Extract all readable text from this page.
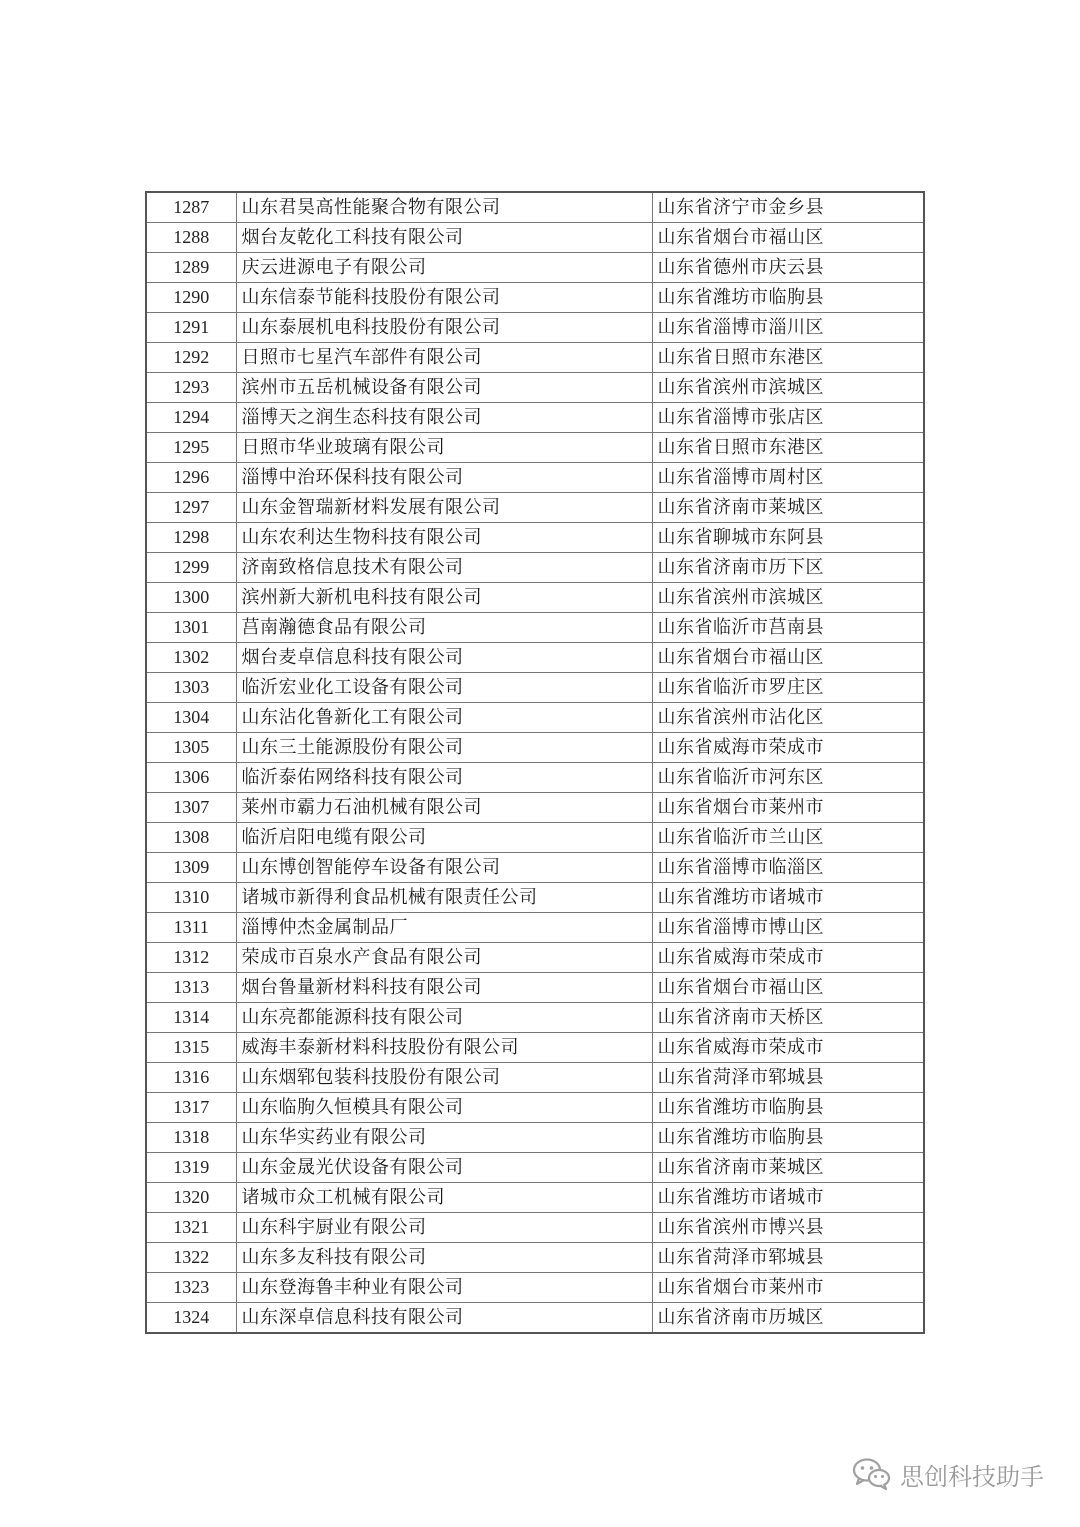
1287	山东君昊高性能聚合物有限公司	山东省济宁市金乡县
1288	烟台友乾化工科技有限公司	山东省烟台市福山区
1289	庆云进源电子有限公司	山东省德州市庆云县
1290	山东信泰节能科技股份有限公司	山东省潍坊市临朐县
1291	山东泰展机电科技股份有限公司	山东省淄博市淄川区
1292	日照市七星汽车部件有限公司	山东省日照市东港区
1293	滨州市五岳机械设备有限公司	山东省滨州市滨城区
1294	淄博天之润生态科技有限公司	山东省淄博市张店区
1295	日照市华业玻璃有限公司	山东省日照市东港区
1296	淄博中治环保科技有限公司	山东省淄博市周村区
1297	山东金智瑞新材料发展有限公司	山东省济南市莱城区
1298	山东农利达生物科技有限公司	山东省聊城市东阿县
1299	济南致格信息技术有限公司	山东省济南市历下区
1300	滨州新大新机电科技有限公司	山东省滨州市滨城区
1301	莒南瀚德食品有限公司	山东省临沂市莒南县
1302	烟台麦卓信息科技有限公司	山东省烟台市福山区
1303	临沂宏业化工设备有限公司	山东省临沂市罗庄区
1304	山东沾化鲁新化工有限公司	山东省滨州市沾化区
1305	山东三土能源股份有限公司	山东省威海市荣成市
1306	临沂泰佑网络科技有限公司	山东省临沂市河东区
1307	莱州市霸力石油机械有限公司	山东省烟台市莱州市
1308	临沂启阳电缆有限公司	山东省临沂市兰山区
1309	山东博创智能停车设备有限公司	山东省淄博市临淄区
1310	诸城市新得利食品机械有限责任公司	山东省潍坊市诸城市
1311	淄博仲杰金属制品厂	山东省淄博市博山区
1312	荣成市百泉水产食品有限公司	山东省威海市荣成市
1313	烟台鲁量新材料科技有限公司	山东省烟台市福山区
1314	山东亮都能源科技有限公司	山东省济南市天桥区
1315	威海丰泰新材料科技股份有限公司	山东省威海市荣成市
1316	山东烟郓包装科技股份有限公司	山东省菏泽市郓城县
1317	山东临朐久恒模具有限公司	山东省潍坊市临朐县
1318	山东华实药业有限公司	山东省潍坊市临朐县
1319	山东金晟光伏设备有限公司	山东省济南市莱城区
1320	诸城市众工机械有限公司	山东省潍坊市诸城市
1321	山东科宇厨业有限公司	山东省滨州市博兴县
1322	山东多友科技有限公司	山东省菏泽市郓城县
1323	山东登海鲁丰种业有限公司	山东省烟台市莱州市
1324	山东深卓信息科技有限公司	山东省济南市历城区
思创科技助手
